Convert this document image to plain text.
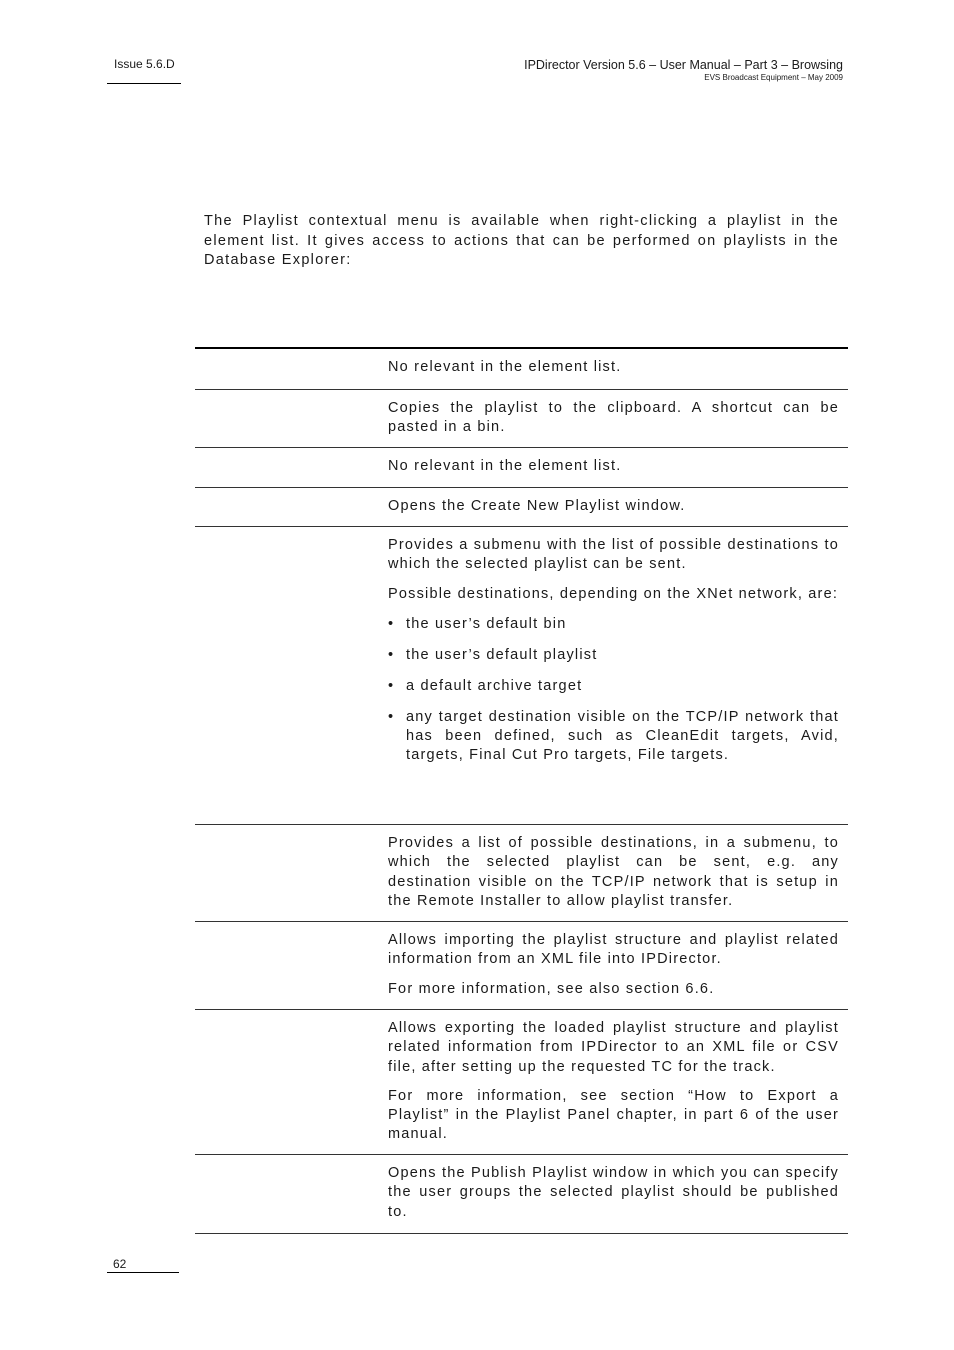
Issue 5.6.D	IPDirector Version 5.6 – User Manual – Part 3 – Browsing
EVS Broadcast Equipment – May 2009

The Playlist contextual menu is available when right-clicking a playlist in the element list. It gives access to actions that can be performed on playlists in the Database Explorer:

No relevant in the element list.

Copies the playlist to the clipboard. A shortcut can be pasted in a bin.

No relevant in the element list.

Opens the Create New Playlist window.

Provides a submenu with the list of possible destinations to which the selected playlist can be sent.

Possible destinations, depending on the XNet network, are:

• the user’s default bin
• the user’s default playlist
• a default archive target
• any target destination visible on the TCP/IP network that has been defined, such as CleanEdit targets, Avid, targets, Final Cut Pro targets, File targets.

Provides a list of possible destinations, in a submenu, to which the selected playlist can be sent, e.g. any destination visible on the TCP/IP network that is setup in the Remote Installer to allow playlist transfer.

Allows importing the playlist structure and playlist related information from an XML file into IPDirector.

For more information, see also section 6.6.

Allows exporting the loaded playlist structure and playlist related information from IPDirector to an XML file or CSV file, after setting up the requested TC for the track.

For more information, see section “How to Export a Playlist” in the Playlist Panel chapter, in part 6 of the user manual.

Opens the Publish Playlist window in which you can specify the user groups the selected playlist should be published to.

62
